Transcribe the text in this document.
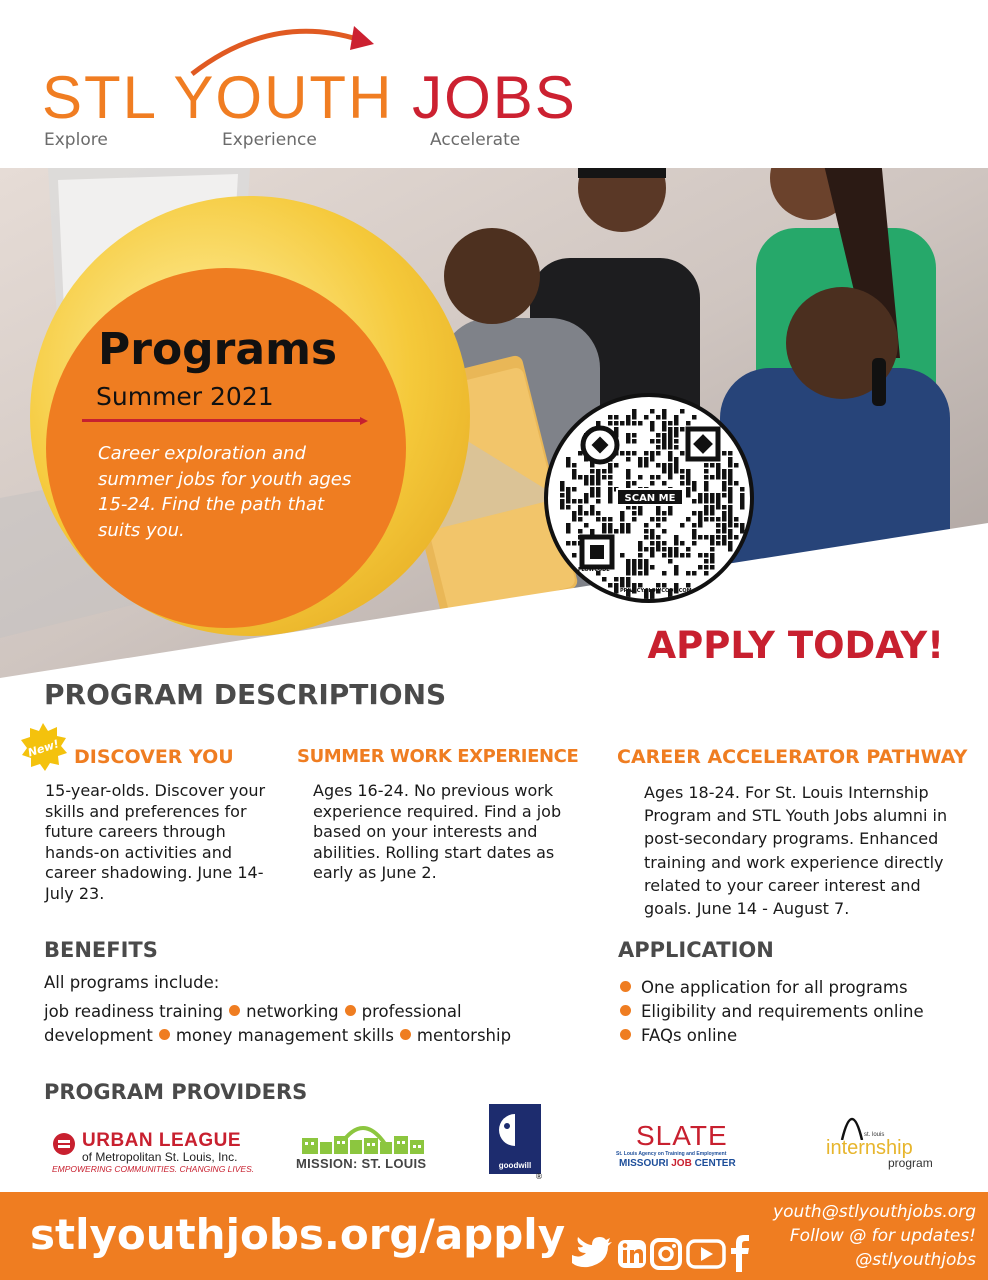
STL YOUTH JOBS
Explore	Experience	Accelerate
Programs
Summer 2021
Career exploration and summer jobs for youth ages 15-24. Find the path that suits you.
SCAN ME
FLOWCODE
PRIVACY.FLOWCODE.COM
APPLY TODAY!
PROGRAM DESCRIPTIONS
New! DISCOVER YOU
15-year-olds. Discover your skills and preferences for future careers through hands-on activities and career shadowing. June 14- July 23.
SUMMER WORK EXPERIENCE
Ages 16-24. No previous work experience required. Find a job based on your interests and abilities. Rolling start dates as early as June 2.
CAREER ACCELERATOR PATHWAY
Ages 18-24. For St. Louis Internship Program and STL Youth Jobs alumni in post-secondary programs. Enhanced training and work experience directly related to your career interest and goals. June 14 - August 7.
BENEFITS
All programs include:
job readiness training networking professional
development money management skills mentorship
APPLICATION
One application for all programs
Eligibility and requirements online
FAQs online
PROGRAM PROVIDERS
URBAN LEAGUE
of Metropolitan St. Louis, Inc.
EMPOWERING COMMUNITIES. CHANGING LIVES.	MISSION: ST. LOUIS	goodwill
®
SLATE
St. Louis Agency on Training and Employment
MISSOURI JOB CENTER
st. louis
internship
program
stlyouthjobs.org/apply	youth@stlyouthjobs.org
Follow @ for updates!
@stlyouthjobs
